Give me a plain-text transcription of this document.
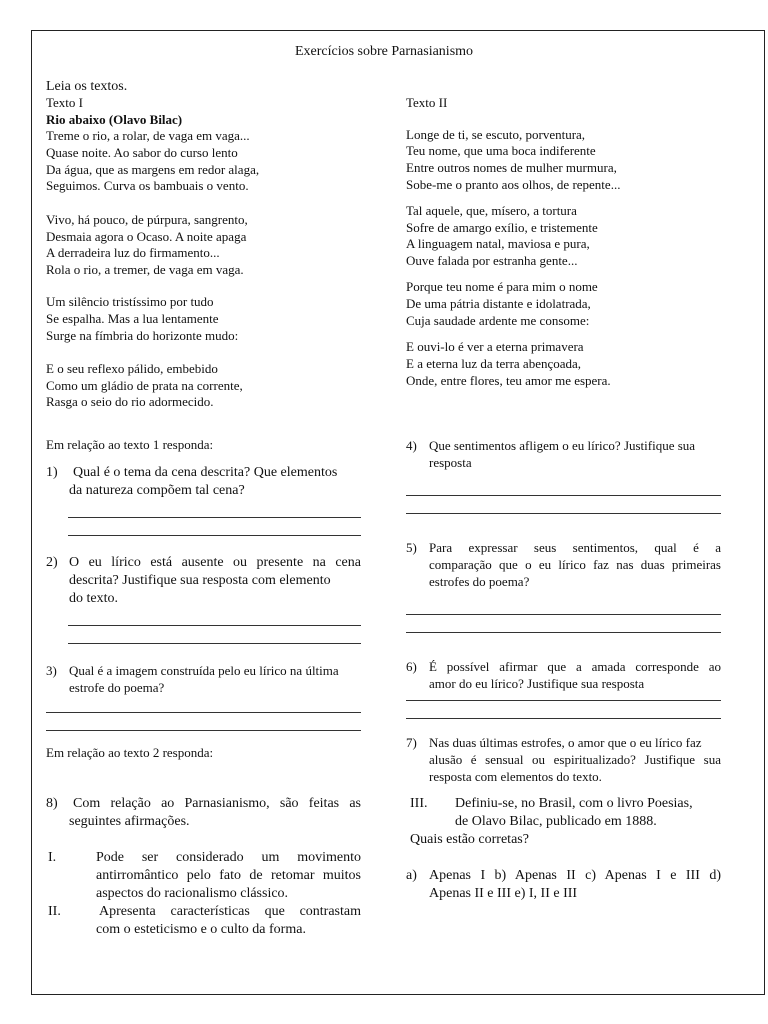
Exercícios sobre Parnasianismo
Leia os textos.
Texto I
Rio abaixo (Olavo Bilac)
Treme o rio, a rolar, de vaga em vaga...
Quase noite. Ao sabor do curso lento
Da água, que as margens em redor alaga,
Seguimos. Curva os bambuais o vento.
Vivo, há pouco, de púrpura, sangrento,
Desmaia agora o Ocaso. A noite apaga
A derradeira luz do firmamento...
Rola o rio, a tremer, de vaga em vaga.
Um silêncio tristíssimo por tudo
Se espalha. Mas a lua lentamente
Surge na fímbria do horizonte mudo:
E o seu reflexo pálido, embebido
Como um gládio de prata na corrente,
Rasga o seio do rio adormecido.
Texto II
Longe de ti, se escuto, porventura,
Teu nome, que uma boca indiferente
Entre outros nomes de mulher murmura,
Sobe-me o pranto aos olhos, de repente...
Tal aquele, que, mísero, a tortura
Sofre de amargo exílio, e tristemente
A linguagem natal, maviosa e pura,
Ouve falada por estranha gente...
Porque teu nome é para mim o nome
De uma pátria distante e idolatrada,
Cuja saudade ardente me consome:
E ouvi-lo é ver a eterna primavera
E a eterna luz da terra abençoada,
Onde, entre flores, teu amor me espera.
Em relação ao texto 1 responda:
1) Qual é o tema da cena descrita? Que elementos
da natureza compõem tal cena?
2) O eu lírico está ausente ou presente na cena
descrita? Justifique sua resposta com elemento
do texto.
3) Qual é a imagem construída pelo eu lírico na última
estrofe do poema?
Em relação ao texto 2 responda:
8) Com relação ao Parnasianismo, são feitas as
seguintes afirmações.
I.	Pode ser considerado um movimento
antirromântico pelo fato de retomar muitos
aspectos do racionalismo clássico.
II.	Apresenta características que contrastam
com o esteticismo e o culto da forma.
4) Que sentimentos afligem o eu lírico? Justifique sua
resposta
5) Para expressar seus sentimentos, qual é a
comparação que o eu lírico faz nas duas primeiras
estrofes do poema?
6) É possível afirmar que a amada corresponde ao
amor do eu lírico? Justifique sua resposta
7) Nas duas últimas estrofes, o amor que o eu lírico faz
alusão é sensual ou espiritualizado? Justifique sua
resposta com elementos do texto.
III. Definiu-se, no Brasil, com o livro Poesias,
de Olavo Bilac, publicado em 1888.
Quais estão corretas?
a) Apenas I b) Apenas II c) Apenas I e III d)
Apenas II e III e) I, II e III
